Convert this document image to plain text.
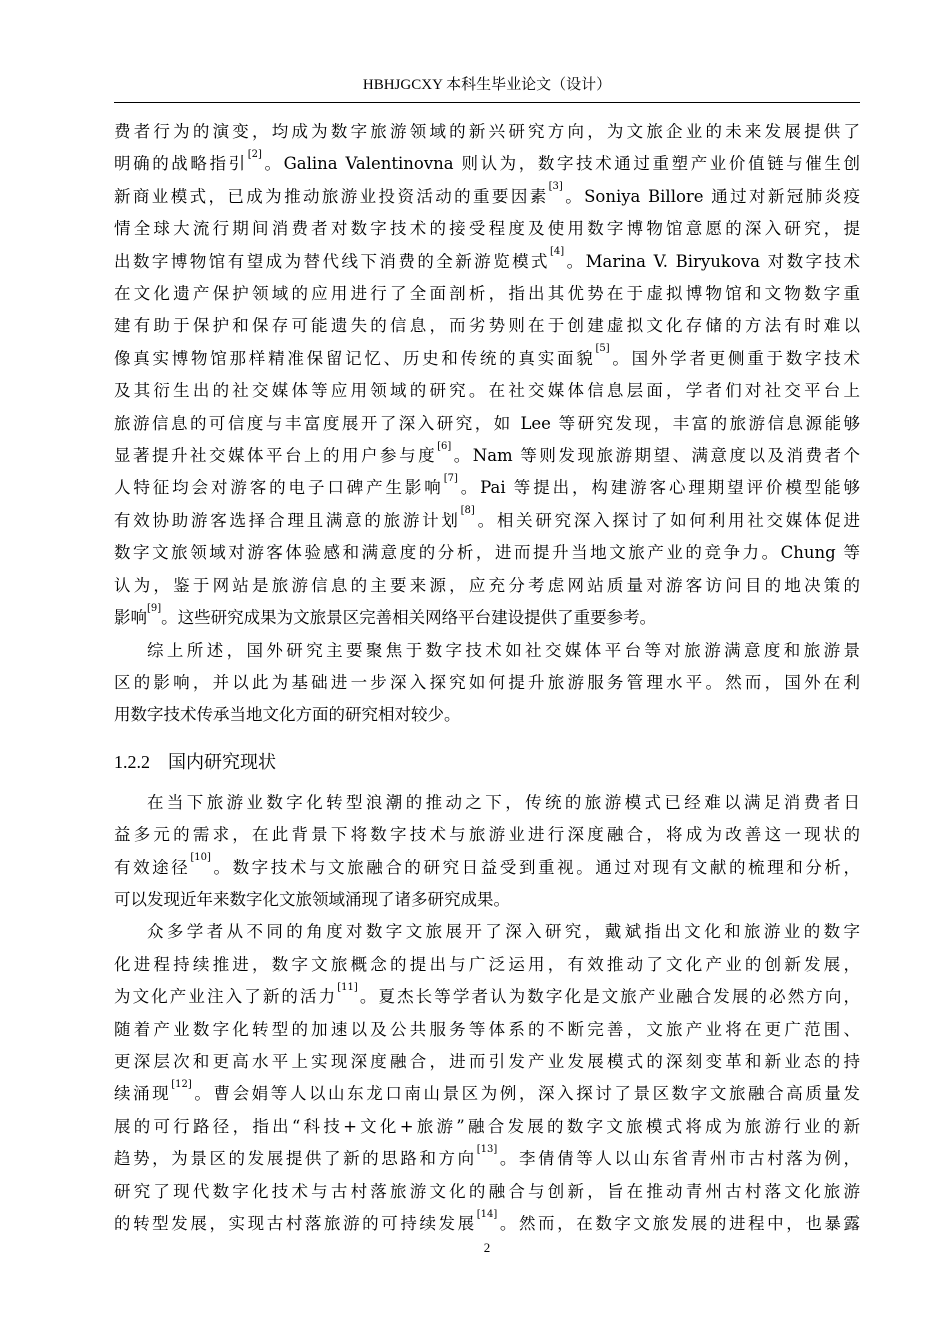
HBHJGCXY 本科生毕业论文（设计）
费者行为的演变，均成为数字旅游领域的新兴研究方向，为文旅企业的未来发展提供了
明确的战略指引[2]。Galina Valentinovna 则认为，数字技术通过重塑产业价值链与催生创
新商业模式，已成为推动旅游业投资活动的重要因素[3]。Soniya Billore 通过对新冠肺炎疫
情全球大流行期间消费者对数字技术的接受程度及使用数字博物馆意愿的深入研究，提
出数字博物馆有望成为替代线下消费的全新游览模式[4]。Marina V. Biryukova 对数字技术
在文化遗产保护领域的应用进行了全面剖析，指出其优势在于虚拟博物馆和文物数字重
建有助于保护和保存可能遗失的信息，而劣势则在于创建虚拟文化存储的方法有时难以
像真实博物馆那样精准保留记忆、历史和传统的真实面貌[5]。国外学者更侧重于数字技术
及其衍生出的社交媒体等应用领域的研究。在社交媒体信息层面，学者们对社交平台上
旅游信息的可信度与丰富度展开了深入研究，如 Lee 等研究发现，丰富的旅游信息源能够
显著提升社交媒体平台上的用户参与度[6]。Nam 等则发现旅游期望、满意度以及消费者个
人特征均会对游客的电子口碑产生影响[7]。Pai 等提出，构建游客心理期望评价模型能够
有效协助游客选择合理且满意的旅游计划[8]。相关研究深入探讨了如何利用社交媒体促进
数字文旅领域对游客体验感和满意度的分析，进而提升当地文旅产业的竞争力。Chung 等
认为，鉴于网站是旅游信息的主要来源，应充分考虑网站质量对游客访问目的地决策的
影响[9]。这些研究成果为文旅景区完善相关网络平台建设提供了重要参考。
综上所述，国外研究主要聚焦于数字技术如社交媒体平台等对旅游满意度和旅游景
区的影响，并以此为基础进一步深入探究如何提升旅游服务管理水平。然而，国外在利
用数字技术传承当地文化方面的研究相对较少。
1.2.2 国内研究现状
在当下旅游业数字化转型浪潮的推动之下，传统的旅游模式已经难以满足消费者日
益多元的需求，在此背景下将数字技术与旅游业进行深度融合，将成为改善这一现状的
有效途径[10]。数字技术与文旅融合的研究日益受到重视。通过对现有文献的梳理和分析，
可以发现近年来数字化文旅领域涌现了诸多研究成果。
众多学者从不同的角度对数字文旅展开了深入研究，戴斌指出文化和旅游业的数字
化进程持续推进，数字文旅概念的提出与广泛运用，有效推动了文化产业的创新发展，
为文化产业注入了新的活力[11]。夏杰长等学者认为数字化是文旅产业融合发展的必然方向，
随着产业数字化转型的加速以及公共服务等体系的不断完善，文旅产业将在更广范围、
更深层次和更高水平上实现深度融合，进而引发产业发展模式的深刻变革和新业态的持
续涌现[12]。曹会娟等人以山东龙口南山景区为例，深入探讨了景区数字文旅融合高质量发
展的可行路径，指出“科技+文化+旅游”融合发展的数字文旅模式将成为旅游行业的新
趋势，为景区的发展提供了新的思路和方向[13]。李倩倩等人以山东省青州市古村落为例，
研究了现代数字化技术与古村落旅游文化的融合与创新，旨在推动青州古村落文化旅游
的转型发展，实现古村落旅游的可持续发展[14]。然而，在数字文旅发展的进程中，也暴露
2
